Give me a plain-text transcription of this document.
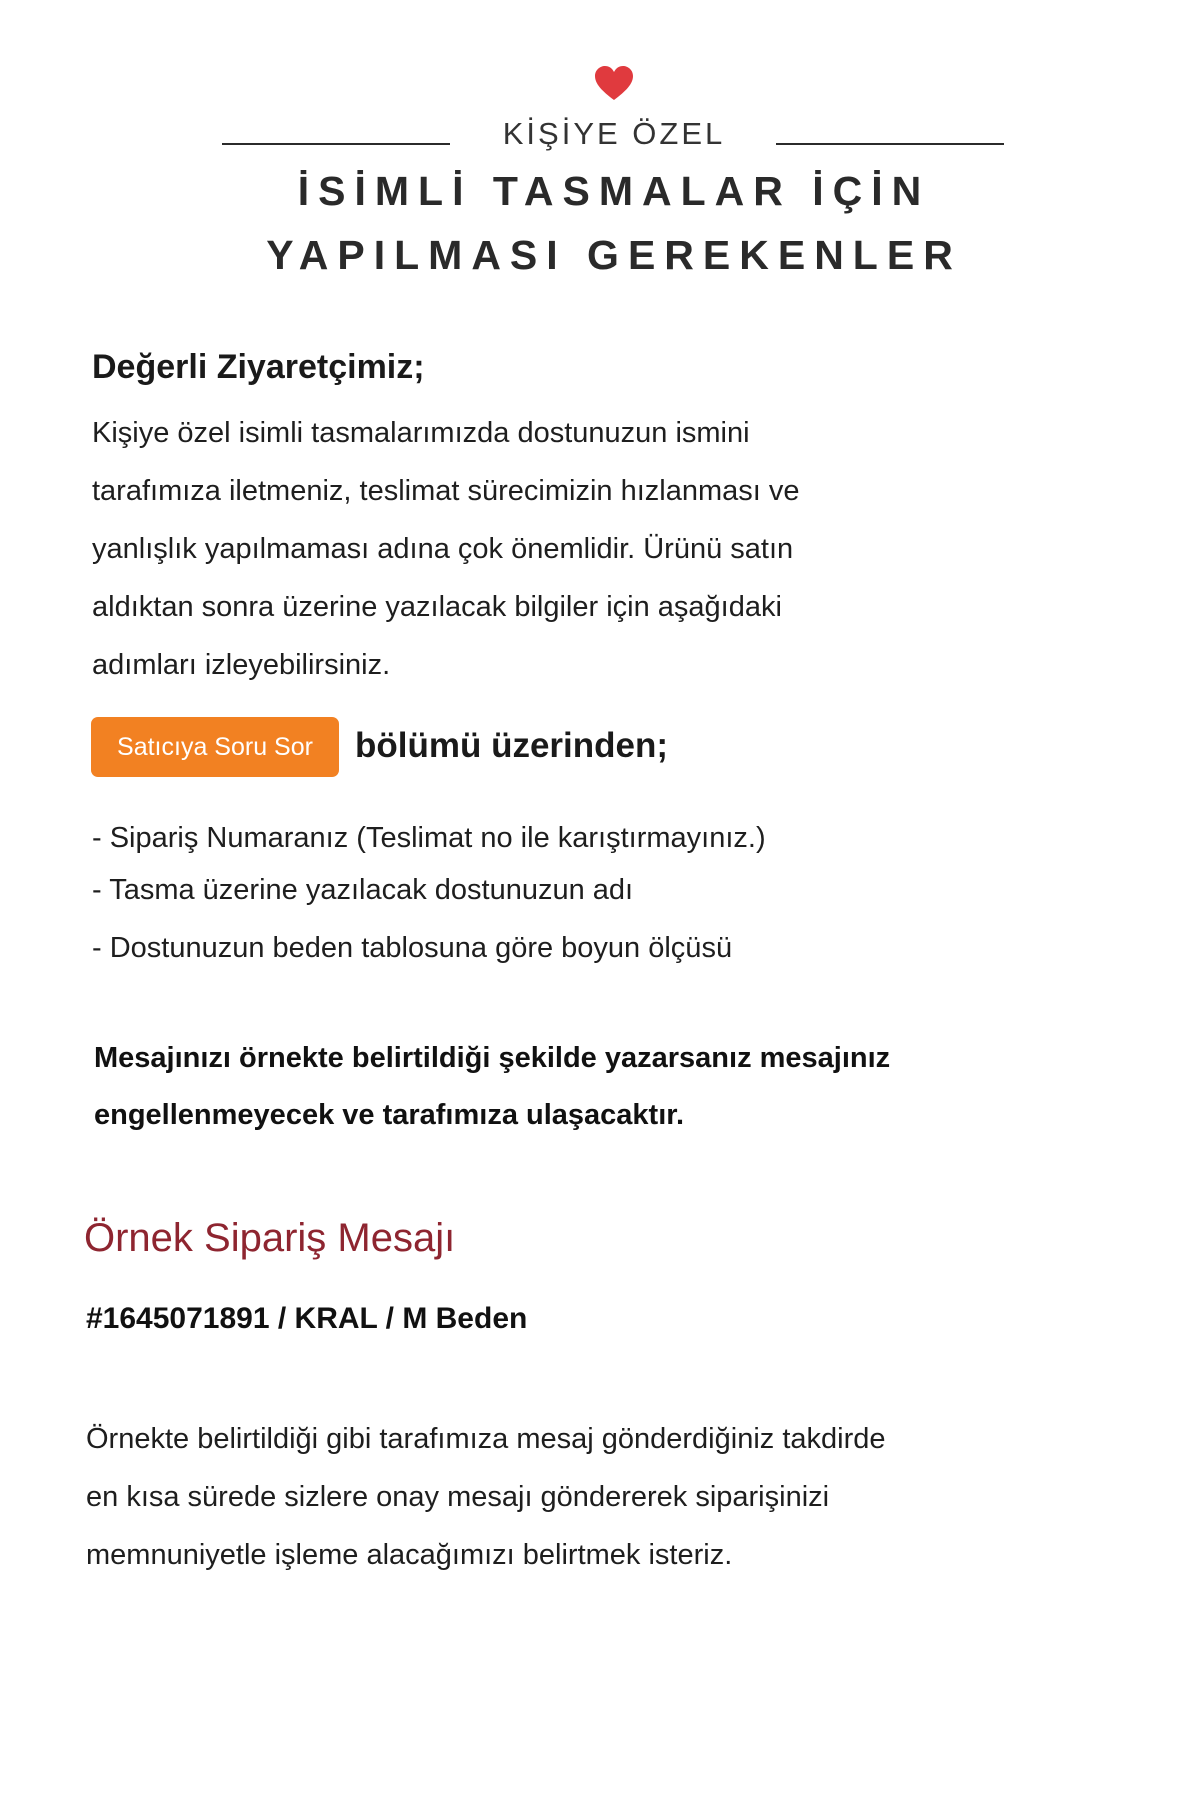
KİŞİYE ÖZEL
İSİMLİ TASMALAR İÇİN
YAPILMASI GEREKENLER
Değerli Ziyaretçimiz;

Kişiye özel isimli tasmalarımızda dostunuzun ismini
tarafımıza iletmeniz, teslimat sürecimizin hızlanması ve
yanlışlık yapılmaması adına çok önemlidir. Ürünü satın
aldıktan sonra üzerine yazılacak bilgiler için aşağıdaki
adımları izleyebilirsiniz.

Satıcıya Soru Sor	bölümü üzerinden;
- Sipariş Numaranız (Teslimat no ile karıştırmayınız.)
- Tasma üzerine yazılacak dostunuzun adı
- Dostunuzun beden tablosuna göre boyun ölçüsü
Mesajınızı örnekte belirtildiği şekilde yazarsanız mesajınız
engellenmeyecek ve tarafımıza ulaşacaktır.
Örnek Sipariş Mesajı
#1645071891 / KRAL / M Beden

Örnekte belirtildiği gibi tarafımıza mesaj gönderdiğiniz takdirde
en kısa sürede sizlere onay mesajı göndererek siparişinizi
memnuniyetle işleme alacağımızı belirtmek isteriz.
